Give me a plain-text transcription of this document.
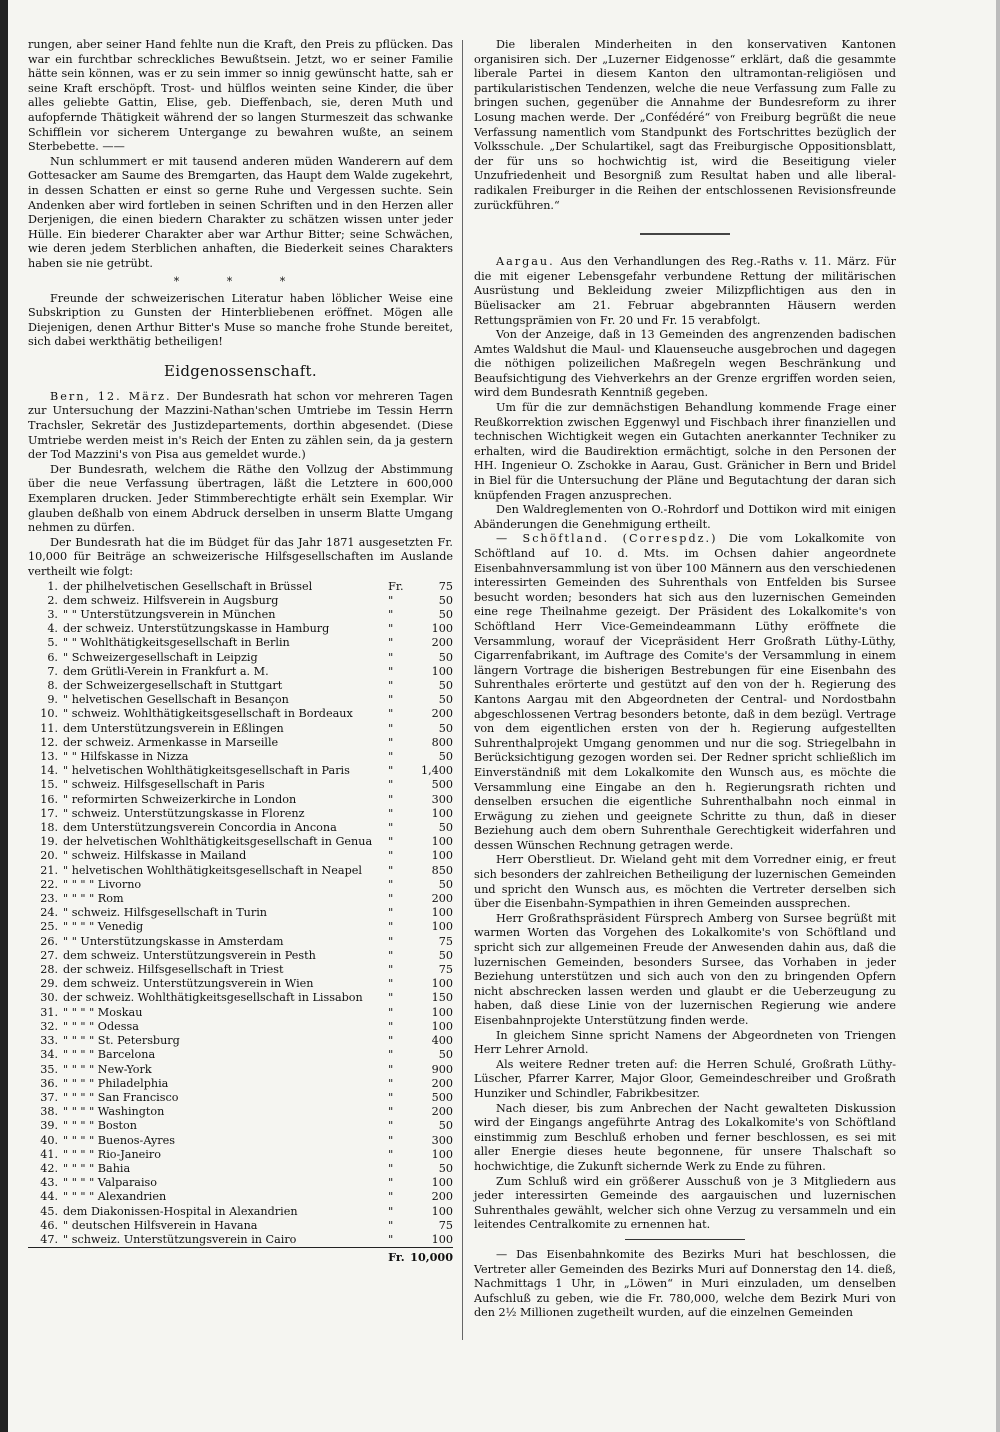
rungen, aber seiner Hand fehlte nun die Kraft, den Preis zu pflücken. Das war ein furchtbar schreckliches Bewußtsein. Jetzt, wo er seiner Familie hätte sein können, was er zu sein immer so innig gewünscht hatte, sah er seine Kraft erschöpft. Trost- und hülflos weinten seine Kinder, die über alles geliebte Gattin, Elise, geb. Dieffenbach, sie, deren Muth und aufopfernde Thätigkeit während der so langen Sturmeszeit das schwanke Schifflein vor sicherem Untergange zu bewahren wußte, an seinem Sterbebette. ——

Nun schlummert er mit tausend anderen müden Wanderern auf dem Gottesacker am Saume des Bremgarten, das Haupt dem Walde zugekehrt, in dessen Schatten er einst so gerne Ruhe und Vergessen suchte. Sein Andenken aber wird fortleben in seinen Schriften und in den Herzen aller Derjenigen, die einen biedern Charakter zu schätzen wissen unter jeder Hülle. Ein biederer Charakter aber war Arthur Bitter; seine Schwächen, wie deren jedem Sterblichen anhaften, die Biederkeit seines Charakters haben sie nie getrübt.

* * *

Freunde der schweizerischen Literatur haben löblicher Weise eine Subskription zu Gunsten der Hinterbliebenen eröffnet. Mögen alle Diejenigen, denen Arthur Bitter's Muse so manche frohe Stunde bereitet, sich dabei werkthätig betheiligen!

Eidgenossenschaft.

Bern, 12. März. Der Bundesrath hat schon vor mehreren Tagen zur Untersuchung der Mazzini-Nathan'schen Umtriebe im Tessin Herrn Trachsler, Sekretär des Justizdepartements, dorthin abgesendet. (Diese Umtriebe werden meist in's Reich der Enten zu zählen sein, da ja gestern der Tod Mazzini's von Pisa aus gemeldet wurde.)

Der Bundesrath, welchem die Räthe den Vollzug der Abstimmung über die neue Verfassung übertragen, läßt die Letztere in 600,000 Exemplaren drucken. Jeder Stimmberechtigte erhält sein Exemplar. Wir glauben deßhalb von einem Abdruck derselben in unserm Blatte Umgang nehmen zu dürfen.

Der Bundesrath hat die im Büdget für das Jahr 1871 ausgesetzten Fr. 10,000 für Beiträge an schweizerische Hilfsgesellschaften im Auslande vertheilt wie folgt:

1.	der philhelvetischen Gesellschaft in Brüssel	Fr.	75
2.	dem schweiz. Hilfsverein in Augsburg	"	50
3.	" " Unterstützungsverein in München	"	50
4.	der schweiz. Unterstützungskasse in Hamburg	"	100
5.	" " Wohlthätigkeitsgesellschaft in Berlin	"	200
6.	" Schweizergesellschaft in Leipzig	"	50
7.	dem Grütli-Verein in Frankfurt a. M.	"	100
8.	der Schweizergesellschaft in Stuttgart	"	50
9.	" helvetischen Gesellschaft in Besançon	"	50
10.	" schweiz. Wohlthätigkeitsgesellschaft in Bordeaux	"	200
11.	dem Unterstützungsverein in Eßlingen	"	50
12.	der schweiz. Armenkasse in Marseille	"	800
13.	" " Hilfskasse in Nizza	"	50
14.	" helvetischen Wohlthätigkeitsgesellschaft in Paris	"	1,400
15.	" schweiz. Hilfsgesellschaft in Paris	"	500
16.	" reformirten Schweizerkirche in London	"	300
17.	" schweiz. Unterstützungskasse in Florenz	"	100
18.	dem Unterstützungsverein Concordia in Ancona	"	50
19.	der helvetischen Wohlthätigkeitsgesellschaft in Genua	"	100
20.	" schweiz. Hilfskasse in Mailand	"	100
21.	" helvetischen Wohlthätigkeitsgesellschaft in Neapel	"	850
22.	" " " " Livorno	"	50
23.	" " " " Rom	"	200
24.	" schweiz. Hilfsgesellschaft in Turin	"	100
25.	" " " " Venedig	"	100
26.	" " Unterstützungskasse in Amsterdam	"	75
27.	dem schweiz. Unterstützungsverein in Pesth	"	50
28.	der schweiz. Hilfsgesellschaft in Triest	"	75
29.	dem schweiz. Unterstützungsverein in Wien	"	100
30.	der schweiz. Wohlthätigkeitsgesellschaft in Lissabon	"	150
31.	" " " " Moskau	"	100
32.	" " " " Odessa	"	100
33.	" " " " St. Petersburg	"	400
34.	" " " " Barcelona	"	50
35.	" " " " New-York	"	900
36.	" " " " Philadelphia	"	200
37.	" " " " San Francisco	"	500
38.	" " " " Washington	"	200
39.	" " " " Boston	"	50
40.	" " " " Buenos-Ayres	"	300
41.	" " " " Rio-Janeiro	"	100
42.	" " " " Bahia	"	50
43.	" " " " Valparaiso	"	100
44.	" " " " Alexandrien	"	200
45.	dem Diakonissen-Hospital in Alexandrien	"	100
46.	" deutschen Hilfsverein in Havana	"	75
47.	" schweiz. Unterstützungsverein in Cairo	"	100
		Fr.	10,000

Die liberalen Minderheiten in den konservativen Kantonen organisiren sich. Der „Luzerner Eidgenosse“ erklärt, daß die gesammte liberale Partei in diesem Kanton den ultramontan-religiösen und partikularistischen Tendenzen, welche die neue Verfassung zum Falle zu bringen suchen, gegenüber die Annahme der Bundesreform zu ihrer Losung machen werde. Der „Confédéré“ von Freiburg begrüßt die neue Verfassung namentlich vom Standpunkt des Fortschrittes bezüglich der Volksschule. „Der Schulartikel, sagt das Freiburgische Oppositionsblatt, der für uns so hochwichtig ist, wird die Beseitigung vieler Unzufriedenheit und Besorgniß zum Resultat haben und alle liberal-radikalen Freiburger in die Reihen der entschlossenen Revisionsfreunde zurückführen.“

Aargau. Aus den Verhandlungen des Reg.-Raths v. 11. März. Für die mit eigener Lebensgefahr verbundene Rettung der militärischen Ausrüstung und Bekleidung zweier Milizpflichtigen aus den in Büelisacker am 21. Februar abgebrannten Häusern werden Rettungsprämien von Fr. 20 und Fr. 15 verabfolgt.

Von der Anzeige, daß in 13 Gemeinden des angrenzenden badischen Amtes Waldshut die Maul- und Klauenseuche ausgebrochen und dagegen die nöthigen polizeilichen Maßregeln wegen Beschränkung und Beaufsichtigung des Viehverkehrs an der Grenze ergriffen worden seien, wird dem Bundesrath Kenntniß gegeben.

Um für die zur demnächstigen Behandlung kommende Frage einer Reußkorrektion zwischen Eggenwyl und Fischbach ihrer finanziellen und technischen Wichtigkeit wegen ein Gutachten anerkannter Techniker zu erhalten, wird die Baudirektion ermächtigt, solche in den Personen der HH. Ingenieur O. Zschokke in Aarau, Gust. Gränicher in Bern und Bridel in Biel für die Untersuchung der Pläne und Begutachtung der daran sich knüpfenden Fragen anzusprechen.

Den Waldreglementen von O.-Rohrdorf und Dottikon wird mit einigen Abänderungen die Genehmigung ertheilt.

— Schöftland. (Correspdz.) Die vom Lokalkomite von Schöftland auf 10. d. Mts. im Ochsen dahier angeordnete Eisenbahnversammlung ist von über 100 Männern aus den verschiedenen interessirten Gemeinden des Suhrenthals von Entfelden bis Sursee besucht worden; besonders hat sich aus den luzernischen Gemeinden eine rege Theilnahme gezeigt. Der Präsident des Lokalkomite's von Schöftland Herr Vice-Gemeindeammann Lüthy eröffnete die Versammlung, worauf der Vicepräsident Herr Großrath Lüthy-Lüthy, Cigarrenfabrikant, im Auftrage des Comite's der Versammlung in einem längern Vortrage die bisherigen Bestrebungen für eine Eisenbahn des Suhrenthales erörterte und gestützt auf den von der h. Regierung des Kantons Aargau mit den Abgeordneten der Central- und Nordostbahn abgeschlossenen Vertrag besonders betonte, daß in dem bezügl. Vertrage von dem eigentlichen ersten von der h. Regierung aufgestellten Suhrenthalprojekt Umgang genommen und nur die sog. Striegelbahn in Berücksichtigung gezogen worden sei. Der Redner spricht schließlich im Einverständniß mit dem Lokalkomite den Wunsch aus, es möchte die Versammlung eine Eingabe an den h. Regierungsrath richten und denselben ersuchen die eigentliche Suhrenthalbahn noch einmal in Erwägung zu ziehen und geeignete Schritte zu thun, daß in dieser Beziehung auch dem obern Suhrenthale Gerechtigkeit widerfahren und dessen Wünschen Rechnung getragen werde.

Herr Oberstlieut. Dr. Wieland geht mit dem Vorredner einig, er freut sich besonders der zahlreichen Betheiligung der luzernischen Gemeinden und spricht den Wunsch aus, es möchten die Vertreter derselben sich über die Eisenbahn-Sympathien in ihren Gemeinden aussprechen.

Herr Großrathspräsident Fürsprech Amberg von Sursee begrüßt mit warmen Worten das Vorgehen des Lokalkomite's von Schöftland und spricht sich zur allgemeinen Freude der Anwesenden dahin aus, daß die luzernischen Gemeinden, besonders Sursee, das Vorhaben in jeder Beziehung unterstützen und sich auch von den zu bringenden Opfern nicht abschrecken lassen werden und glaubt er die Ueberzeugung zu haben, daß diese Linie von der luzernischen Regierung wie andere Eisenbahnprojekte Unterstützung finden werde.

In gleichem Sinne spricht Namens der Abgeordneten von Triengen Herr Lehrer Arnold.

Als weitere Redner treten auf: die Herren Schulé, Großrath Lüthy-Lüscher, Pfarrer Karrer, Major Gloor, Gemeindeschreiber und Großrath Hunziker und Schindler, Fabrikbesitzer.

Nach dieser, bis zum Anbrechen der Nacht gewalteten Diskussion wird der Eingangs angeführte Antrag des Lokalkomite's von Schöftland einstimmig zum Beschluß erhoben und ferner beschlossen, es sei mit aller Energie dieses heute begonnene, für unsere Thalschaft so hochwichtige, die Zukunft sichernde Werk zu Ende zu führen.

Zum Schluß wird ein größerer Ausschuß von je 3 Mitgliedern aus jeder interessirten Gemeinde des aargauischen und luzernischen Suhrenthales gewählt, welcher sich ohne Verzug zu versammeln und ein leitendes Centralkomite zu ernennen hat.

— Das Eisenbahnkomite des Bezirks Muri hat beschlossen, die Vertreter aller Gemeinden des Bezirks Muri auf Donnerstag den 14. dieß, Nachmittags 1 Uhr, in „Löwen“ in Muri einzuladen, um denselben Aufschluß zu geben, wie die Fr. 780,000, welche dem Bezirk Muri von den 2½ Millionen zugetheilt wurden, auf die einzelnen Gemeinden
